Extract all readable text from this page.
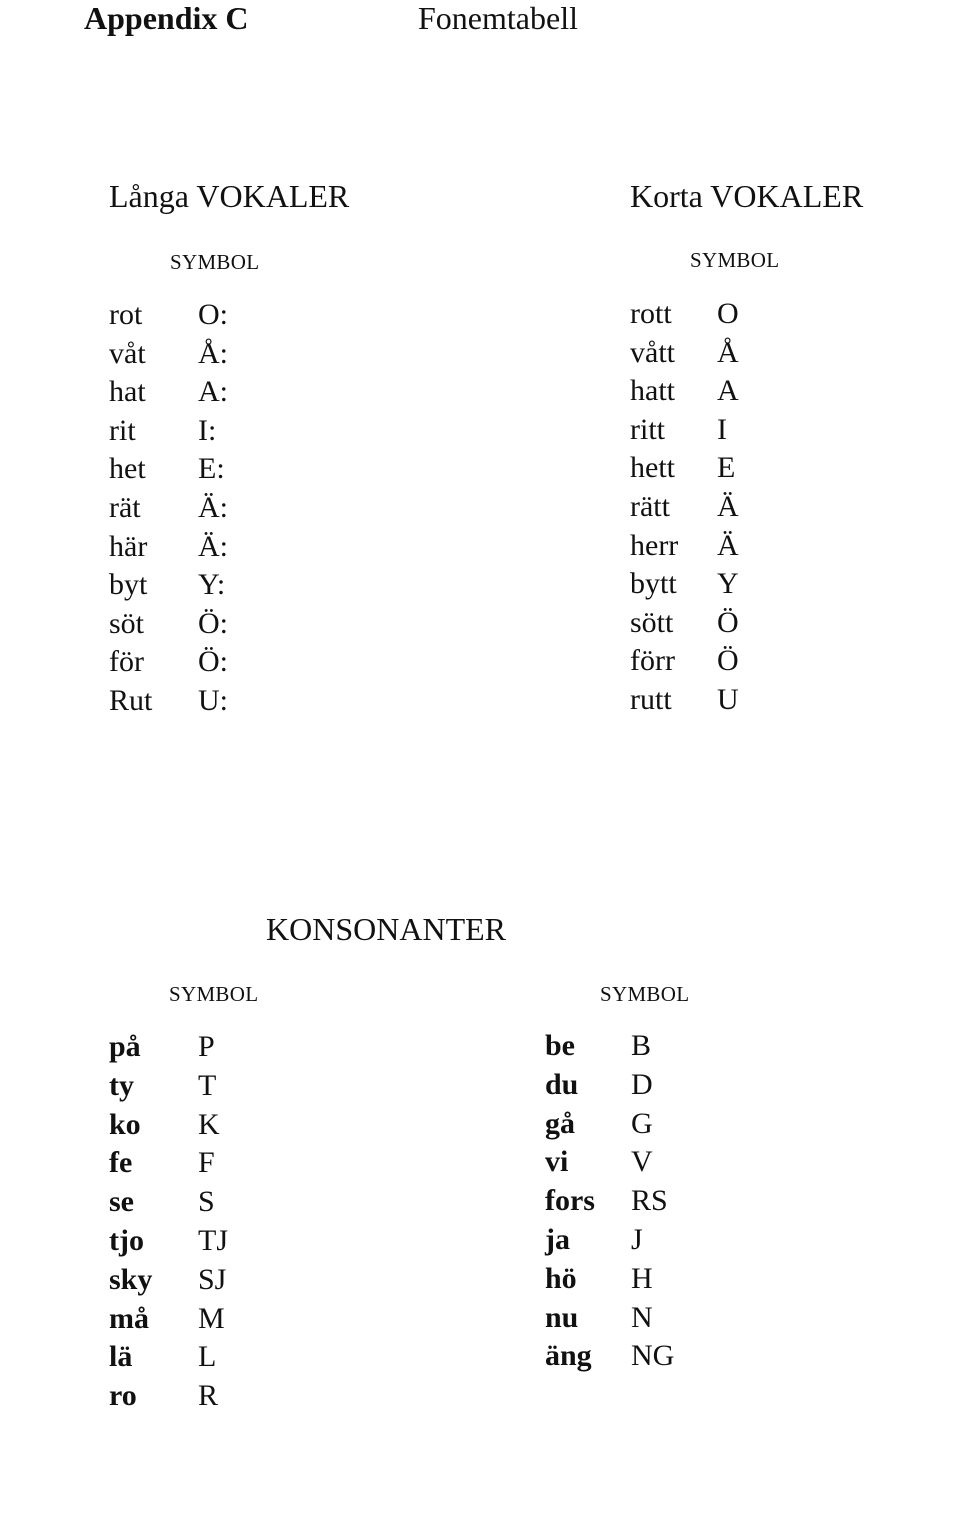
Appendix C	Fonemtabell
Långa VOKALER
SYMBOL
rot O:
våt Å:
hat A:
rit I:
het E:
rät Ä:
här Ä:
byt Y:
söt Ö:
för Ö:
Rut U:
Korta VOKALER
SYMBOL
rott O
vått Å
hatt A
ritt I
hett E
rätt Ä
herr Ä
bytt Y
sött Ö
förr Ö
rutt U
KONSONANTER
SYMBOL	SYMBOL
på P
ty T
ko K
fe F
se S
tjo TJ
sky SJ
må M
lä L
ro R
be B
du D
gå G
vi V
fors RS
ja J
hö H
nu N
äng NG
